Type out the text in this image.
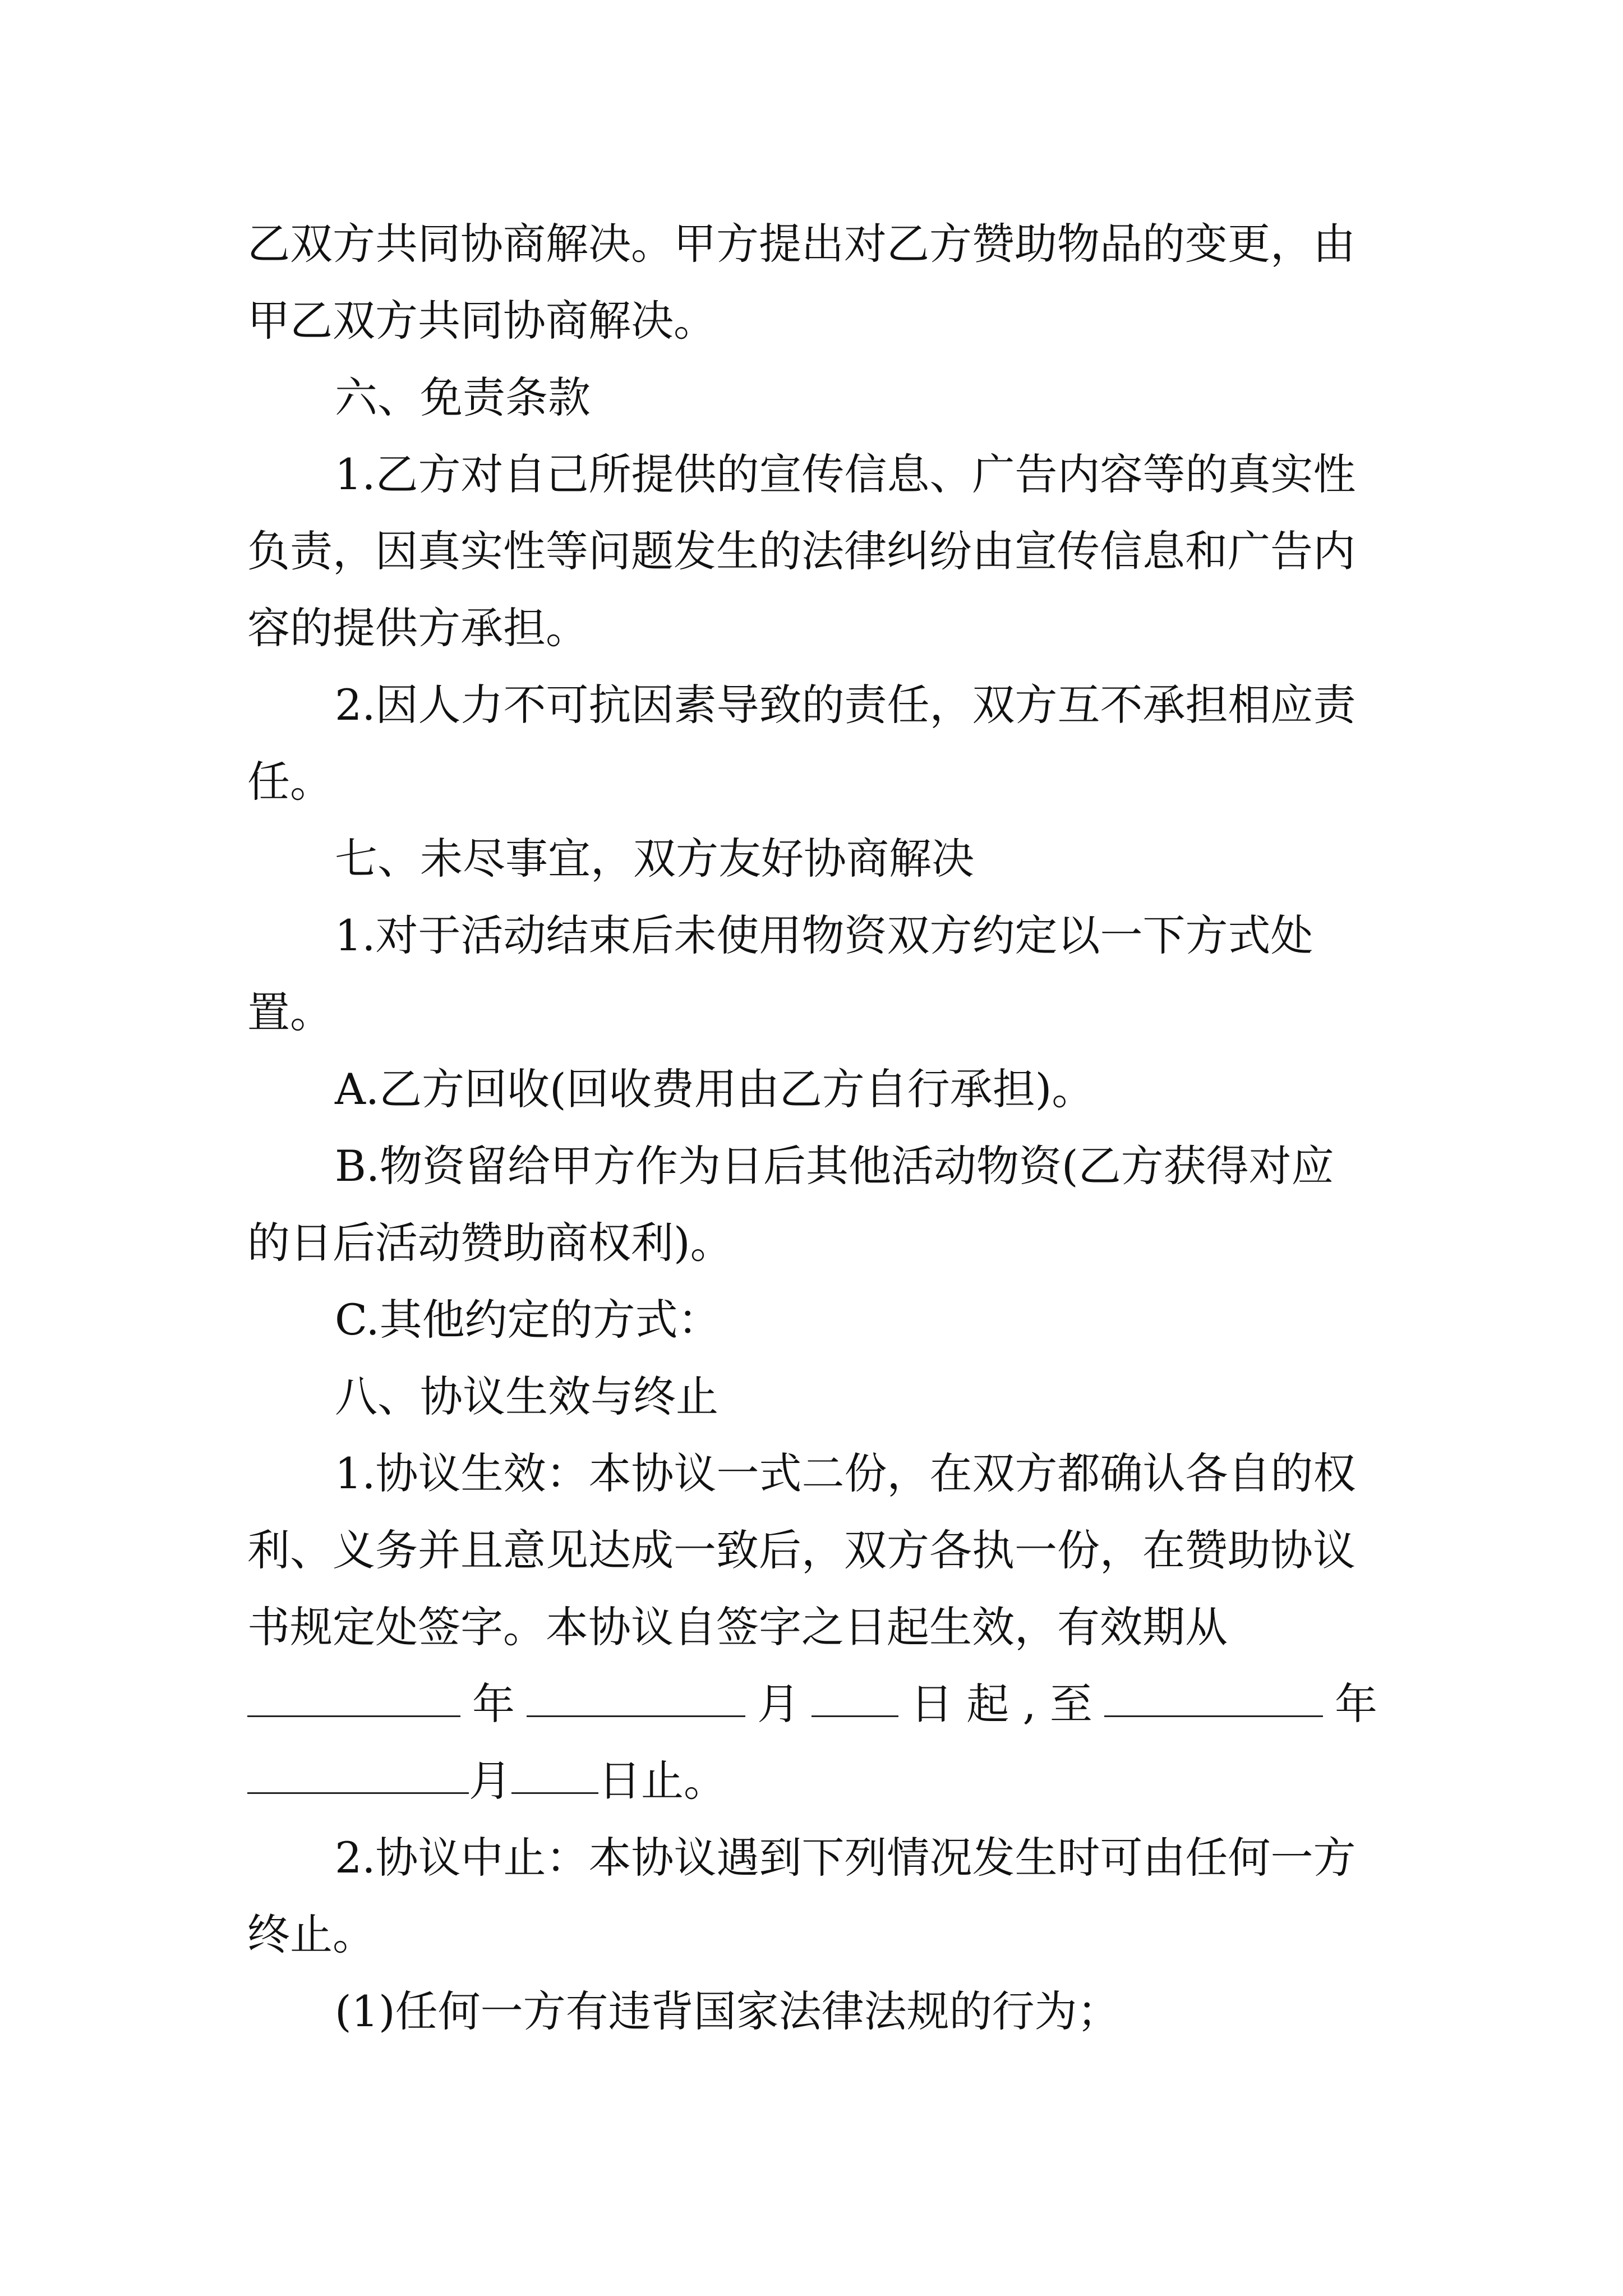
乙双方共同协商解决。甲方提出对乙方赞助物品的变更，由
甲乙双方共同协商解决。
六、免责条款
1.乙方对自己所提供的宣传信息、广告内容等的真实性
负责，因真实性等问题发生的法律纠纷由宣传信息和广告内
容的提供方承担。
2.因人力不可抗因素导致的责任，双方互不承担相应责
任。
七、未尽事宜，双方友好协商解决
1.对于活动结束后未使用物资双方约定以一下方式处
置。
A.乙方回收(回收费用由乙方自行承担)。
B.物资留给甲方作为日后其他活动物资(乙方获得对应
的日后活动赞助商权利)。
C.其他约定的方式：
八、协议生效与终止
1.协议生效：本协议一式二份，在双方都确认各自的权
利、义务并且意见达成一致后，双方各执一份，在赞助协议
书规定处签字。本协议自签字之日起生效，有效期从
年	月	日 起 , 至	年
月 日止。
2.协议中止：本协议遇到下列情况发生时可由任何一方
终止。
(1)任何一方有违背国家法律法规的行为；
